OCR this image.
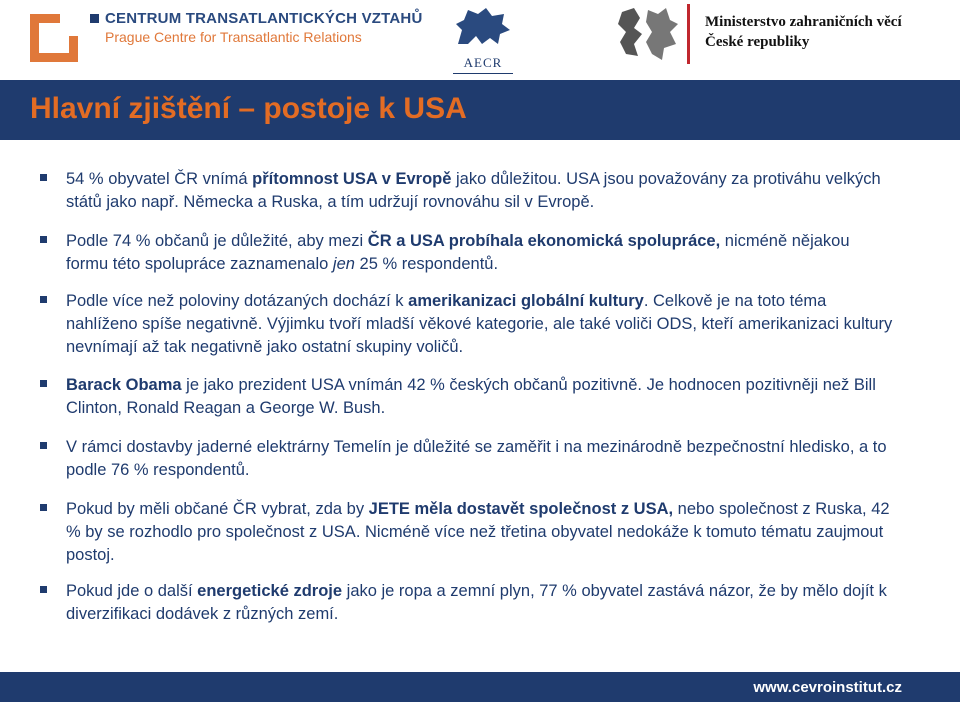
CENTRUM TRANSATLANTICKÝCH VZTAHŮ
Prague Centre for Transatlantic Relations
AECR
Ministerstvo zahraničních věcí
České republiky
Hlavní zjištění – postoje k USA
54 % obyvatel ČR vnímá přítomnost USA v Evropě jako důležitou. USA jsou považovány za protiváhu velkých států jako např. Německa a Ruska, a tím udržují rovnováhu sil v Evropě.
Podle 74 % občanů je důležité, aby mezi ČR a USA probíhala ekonomická spolupráce, nicméně nějakou formu této spolupráce zaznamenalo jen 25 % respondentů.
Podle více než poloviny dotázaných dochází k amerikanizaci globální kultury. Celkově je na toto téma nahlíženo spíše negativně. Výjimku tvoří mladší věkové kategorie, ale také voliči ODS, kteří amerikanizaci kultury nevnímají až tak negativně jako ostatní skupiny voličů.
Barack Obama je jako prezident USA vnímán 42 % českých občanů pozitivně. Je hodnocen pozitivněji než Bill Clinton, Ronald Reagan a George W. Bush.
V rámci dostavby jaderné elektrárny Temelín je důležité se zaměřit i na mezinárodně bezpečnostní hledisko, a to podle 76 % respondentů.
Pokud by měli občané ČR vybrat, zda by JETE měla dostavět společnost z USA, nebo společnost z Ruska, 42 % by se rozhodlo pro společnost z USA. Nicméně více než třetina obyvatel nedokáže k tomuto tématu zaujmout postoj.
Pokud jde o další energetické zdroje jako je ropa a zemní plyn, 77 % obyvatel zastává názor, že by mělo dojít k diverzifikaci dodávek z různých zemí.
www.cevroinstitut.cz
